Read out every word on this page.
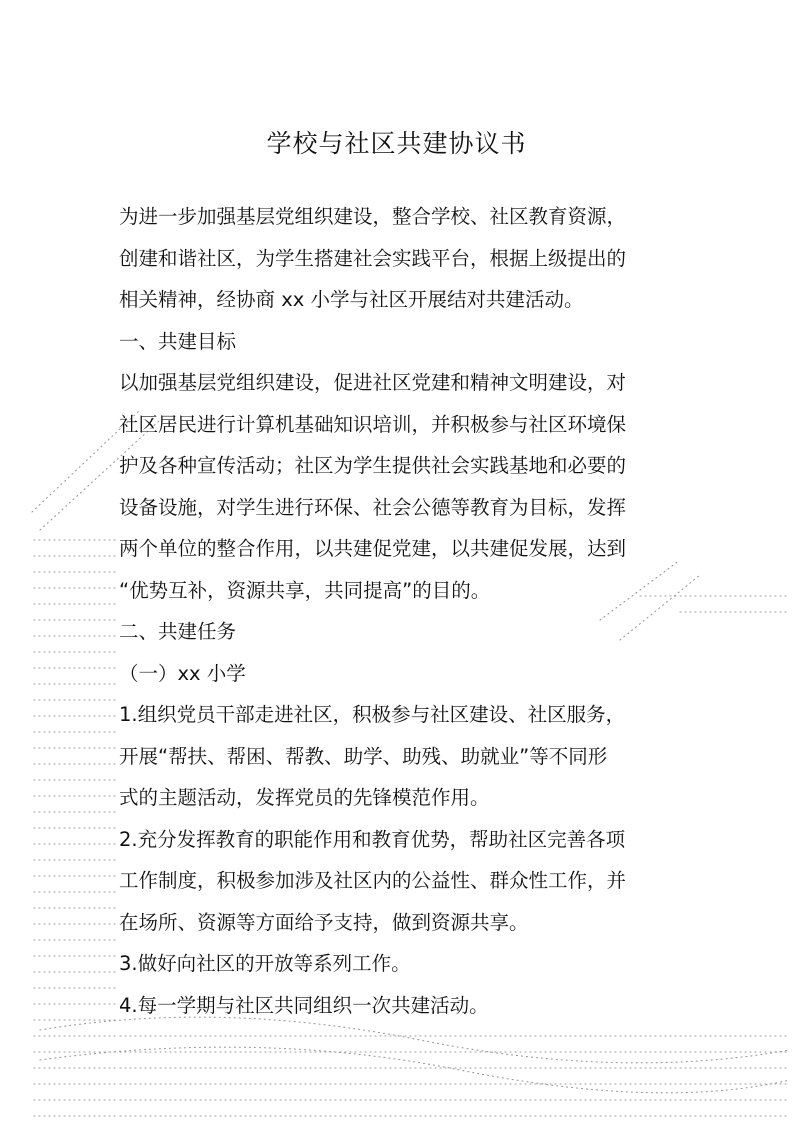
学校与社区共建协议书

为进一步加强基层党组织建设，整合学校、社区教育资源，

创建和谐社区，为学生搭建社会实践平台，根据上级提出的

相关精神，经协商 xx 小学与社区开展结对共建活动。

一、共建目标

以加强基层党组织建设，促进社区党建和精神文明建设，对

社区居民进行计算机基础知识培训，并积极参与社区环境保

护及各种宣传活动；社区为学生提供社会实践基地和必要的

设备设施，对学生进行环保、社会公德等教育为目标，发挥

两个单位的整合作用，以共建促党建，以共建促发展，达到

“优势互补，资源共享，共同提高”的目的。

二、共建任务

（一）xx 小学

1.组织党员干部走进社区，积极参与社区建设、社区服务，

开展“帮扶、帮困、帮教、助学、助残、助就业”等不同形

式的主题活动，发挥党员的先锋模范作用。

2.充分发挥教育的职能作用和教育优势，帮助社区完善各项

工作制度，积极参加涉及社区内的公益性、群众性工作，并

在场所、资源等方面给予支持，做到资源共享。

3.做好向社区的开放等系列工作。

4.每一学期与社区共同组织一次共建活动。
